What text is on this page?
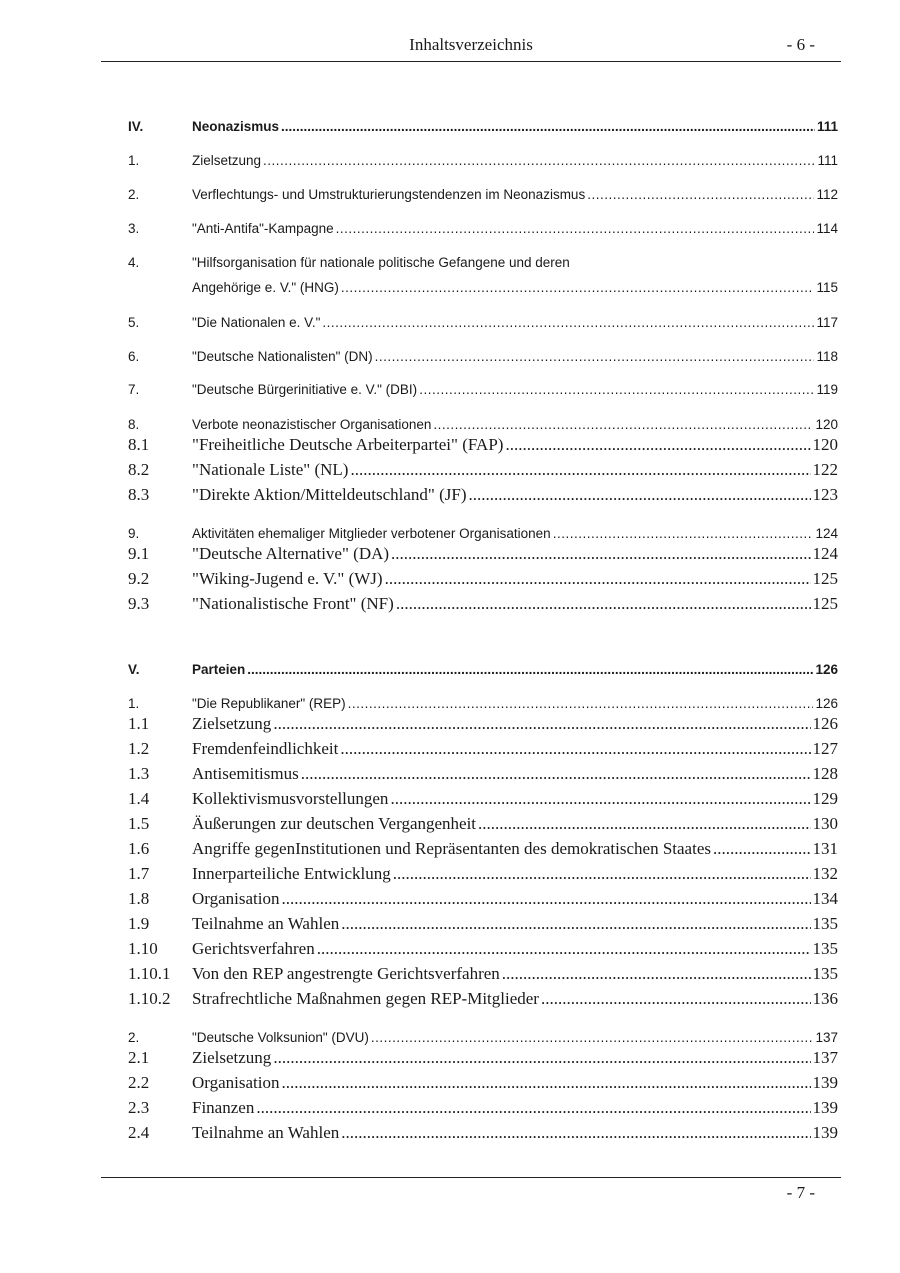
Inhaltsverzeichnis	- 6 -
IV.	Neonazismus .....	111
1.	Zielsetzung .....	111
2.	Verflechtungs- und Umstrukturierungstendenzen im Neonazismus .....	112
3.	"Anti-Antifa"-Kampagne .....	114
4.	"Hilfsorganisation für nationale politische Gefangene und deren
Angehörige e. V." (HNG) .....	115
5.	"Die Nationalen e. V." .....	117
6.	"Deutsche Nationalisten" (DN) .....	118
7.	"Deutsche Bürgerinitiative e. V." (DBI) .....	119
8.	Verbote neonazistischer Organisationen .....	120
8.1	"Freiheitliche Deutsche Arbeiterpartei" (FAP) .....	120
8.2	"Nationale Liste" (NL) .....	122
8.3	"Direkte Aktion/Mitteldeutschland" (JF) .....	123
9.	Aktivitäten ehemaliger Mitglieder verbotener Organisationen .....	124
9.1	"Deutsche Alternative" (DA) .....	124
9.2	"Wiking-Jugend e. V." (WJ) .....	125
9.3	"Nationalistische Front" (NF) .....	125
V.	Parteien .....	126
1.	"Die Republikaner" (REP) .....	126
1.1	Zielsetzung .....	126
1.2	Fremdenfeindlichkeit .....	127
1.3	Antisemitismus .....	128
1.4	Kollektivismusvorstellungen .....	129
1.5	Äußerungen zur deutschen Vergangenheit .....	130
1.6	Angriffe gegenInstitutionen und Repräsentanten des demokratischen Staates .....	131
1.7	Innerparteiliche Entwicklung .....	132
1.8	Organisation .....	134
1.9	Teilnahme an Wahlen .....	135
1.10	Gerichtsverfahren .....	135
1.10.1	Von den REP angestrengte Gerichtsverfahren .....	135
1.10.2	Strafrechtliche Maßnahmen gegen REP-Mitglieder .....	136
2.	"Deutsche Volksunion" (DVU) .....	137
2.1	Zielsetzung .....	137
2.2	Organisation .....	139
2.3	Finanzen .....	139
2.4	Teilnahme an Wahlen .....	139
- 7 -
